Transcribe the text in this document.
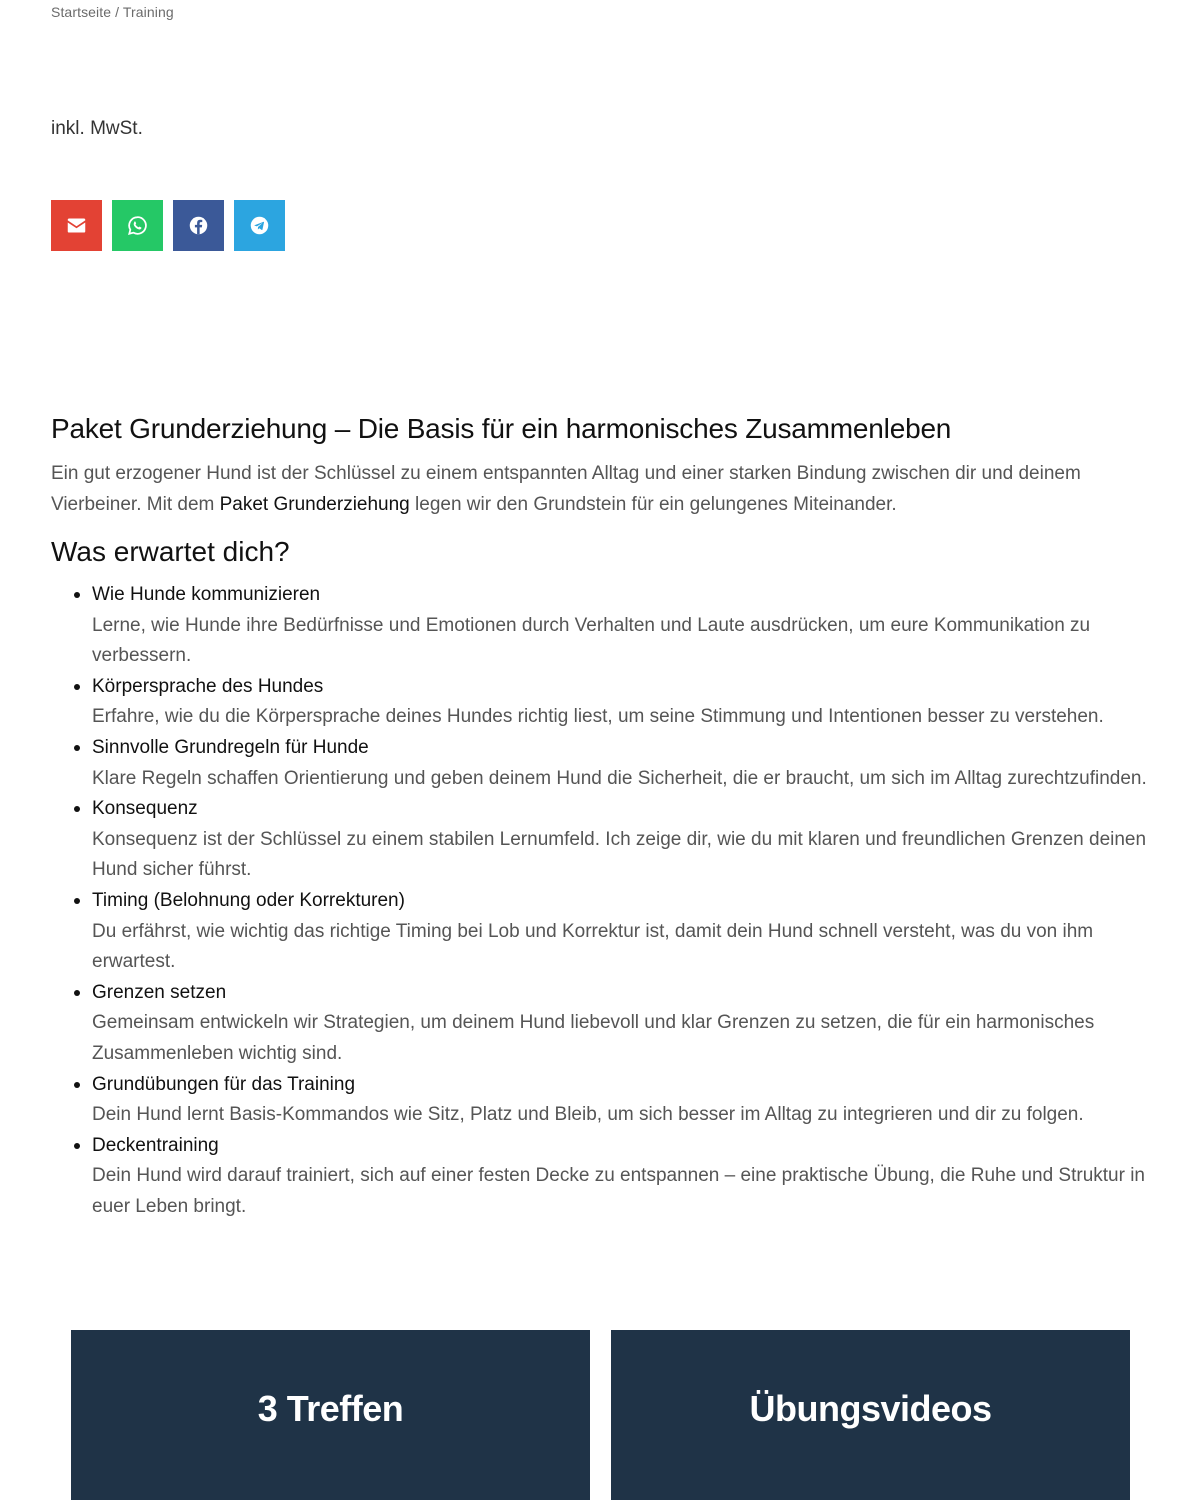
Startseite / Training
inkl. MwSt.
Paket Grunderziehung – Die Basis für ein harmonisches Zusammenleben

Ein gut erzogener Hund ist der Schlüssel zu einem entspannten Alltag und einer starken Bindung zwischen dir und deinem Vierbeiner. Mit dem Paket Grunderziehung legen wir den Grundstein für ein gelungenes Miteinander.

Was erwartet dich?
Wie Hunde kommunizieren
Lerne, wie Hunde ihre Bedürfnisse und Emotionen durch Verhalten und Laute ausdrücken, um eure Kommunikation zu verbessern.
Körpersprache des Hundes
Erfahre, wie du die Körpersprache deines Hundes richtig liest, um seine Stimmung und Intentionen besser zu verstehen.
Sinnvolle Grundregeln für Hunde
Klare Regeln schaffen Orientierung und geben deinem Hund die Sicherheit, die er braucht, um sich im Alltag zurechtzufinden.
Konsequenz
Konsequenz ist der Schlüssel zu einem stabilen Lernumfeld. Ich zeige dir, wie du mit klaren und freundlichen Grenzen deinen Hund sicher führst.
Timing (Belohnung oder Korrekturen)
Du erfährst, wie wichtig das richtige Timing bei Lob und Korrektur ist, damit dein Hund schnell versteht, was du von ihm erwartest.
Grenzen setzen
Gemeinsam entwickeln wir Strategien, um deinem Hund liebevoll und klar Grenzen zu setzen, die für ein harmonisches Zusammenleben wichtig sind.
Grundübungen für das Training
Dein Hund lernt Basis-Kommandos wie Sitz, Platz und Bleib, um sich besser im Alltag zu integrieren und dir zu folgen.
Deckentraining
Dein Hund wird darauf trainiert, sich auf einer festen Decke zu entspannen – eine praktische Übung, die Ruhe und Struktur in euer Leben bringt.
3 Treffen	Übungsvideos
